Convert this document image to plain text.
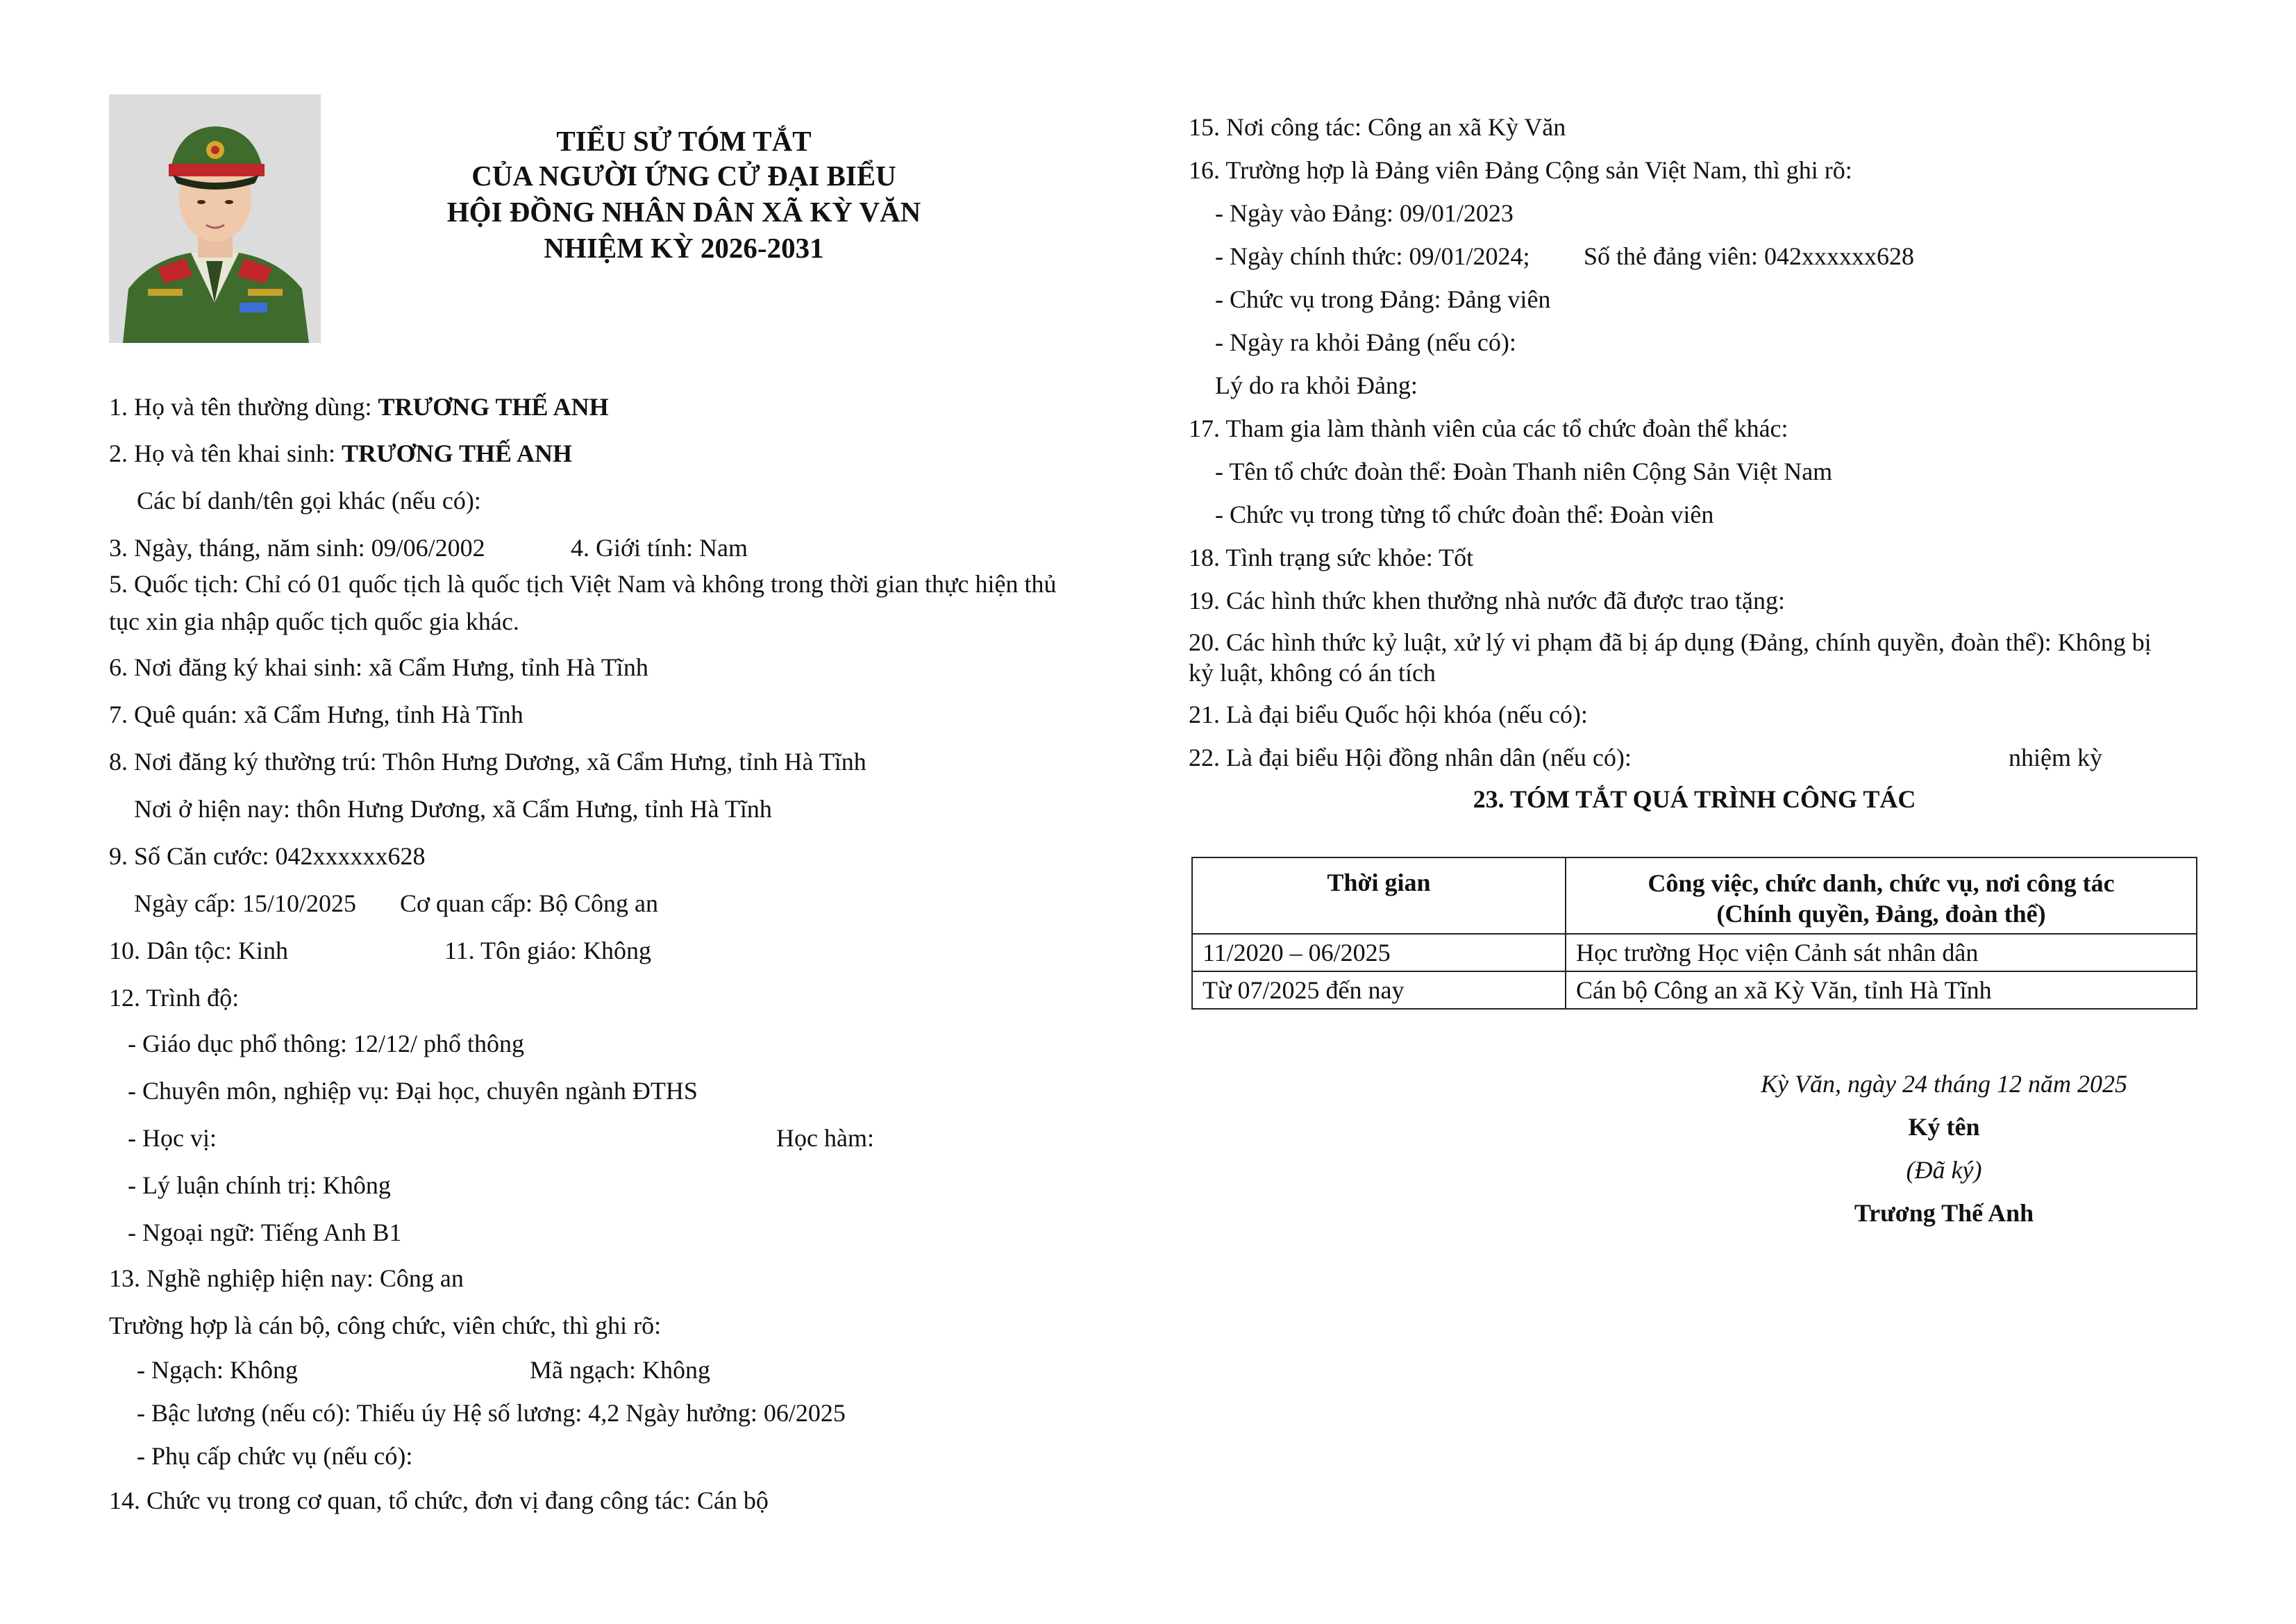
TIỂU SỬ TÓM TẮT
CỦA NGƯỜI ỨNG CỬ ĐẠI BIỂU
HỘI ĐỒNG NHÂN DÂN XÃ KỲ VĂN
NHIỆM KỲ 2026-2031
1. Họ và tên thường dùng: TRƯƠNG THẾ ANH
2. Họ và tên khai sinh: TRƯƠNG THẾ ANH
Các bí danh/tên gọi khác (nếu có):
3. Ngày, tháng, năm sinh: 09/06/2002	4. Giới tính: Nam
5. Quốc tịch: Chỉ có 01 quốc tịch là quốc tịch Việt Nam và không trong thời gian thực hiện thủ
tục xin gia nhập quốc tịch quốc gia khác.
6. Nơi đăng ký khai sinh: xã Cẩm Hưng, tỉnh Hà Tĩnh
7. Quê quán: xã Cẩm Hưng, tỉnh Hà Tĩnh
8. Nơi đăng ký thường trú: Thôn Hưng Dương, xã Cẩm Hưng, tỉnh Hà Tĩnh
Nơi ở hiện nay: thôn Hưng Dương, xã Cẩm Hưng, tỉnh Hà Tĩnh
9. Số Căn cước: 042xxxxxx628
Ngày cấp: 15/10/2025 Cơ quan cấp: Bộ Công an
10. Dân tộc: Kinh	11. Tôn giáo: Không
12. Trình độ:
- Giáo dục phổ thông: 12/12/ phổ thông
- Chuyên môn, nghiệp vụ: Đại học, chuyên ngành ĐTHS
- Học vị:	Học hàm:
- Lý luận chính trị: Không
- Ngoại ngữ: Tiếng Anh B1
13. Nghề nghiệp hiện nay: Công an
Trường hợp là cán bộ, công chức, viên chức, thì ghi rõ:
- Ngạch: Không	Mã ngạch: Không
- Bậc lương (nếu có): Thiếu úy Hệ số lương: 4,2 Ngày hưởng: 06/2025
- Phụ cấp chức vụ (nếu có):
14. Chức vụ trong cơ quan, tổ chức, đơn vị đang công tác: Cán bộ
15. Nơi công tác: Công an xã Kỳ Văn
16. Trường hợp là Đảng viên Đảng Cộng sản Việt Nam, thì ghi rõ:
- Ngày vào Đảng: 09/01/2023
- Ngày chính thức: 09/01/2024; Số thẻ đảng viên: 042xxxxxx628
- Chức vụ trong Đảng: Đảng viên
- Ngày ra khỏi Đảng (nếu có):
Lý do ra khỏi Đảng:
17. Tham gia làm thành viên của các tổ chức đoàn thể khác:
- Tên tổ chức đoàn thể: Đoàn Thanh niên Cộng Sản Việt Nam
- Chức vụ trong từng tổ chức đoàn thể: Đoàn viên
18. Tình trạng sức khỏe: Tốt
19. Các hình thức khen thưởng nhà nước đã được trao tặng:
20. Các hình thức kỷ luật, xử lý vi phạm đã bị áp dụng (Đảng, chính quyền, đoàn thể): Không bị
kỷ luật, không có án tích
21. Là đại biểu Quốc hội khóa (nếu có):
22. Là đại biểu Hội đồng nhân dân (nếu có):	nhiệm kỳ
23. TÓM TẮT QUÁ TRÌNH CÔNG TÁC
Thời gian	Công việc, chức danh, chức vụ, nơi công tác
(Chính quyền, Đảng, đoàn thể)

11/2020 – 06/2025	Học trường Học viện Cảnh sát nhân dân
Từ 07/2025 đến nay	Cán bộ Công an xã Kỳ Văn, tỉnh Hà Tĩnh
Kỳ Văn, ngày 24 tháng 12 năm 2025
Ký tên
(Đã ký)
Trương Thế Anh
